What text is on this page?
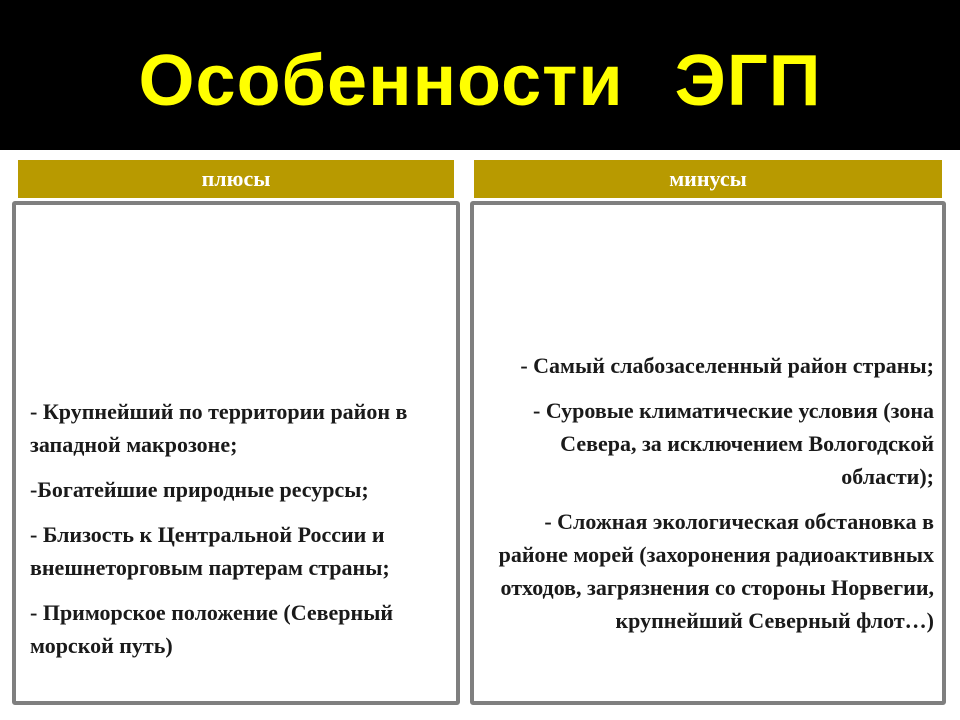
Особенности ЭГП
плюсы	минусы

- Крупнейший по территории район в западной макрозоне;

-Богатейшие природные ресурсы;

- Близость к Центральной России и внешнеторговым партерам страны;

- Приморское положение (Северный морской путь)

- Самый слабозаселенный район страны;

- Суровые климатические условия (зона Севера, за исключением Вологодской области);

- Сложная экологическая обстановка в районе морей (захоронения радиоактивных отходов, загрязнения со стороны Норвегии, крупнейший Северный флот…)
